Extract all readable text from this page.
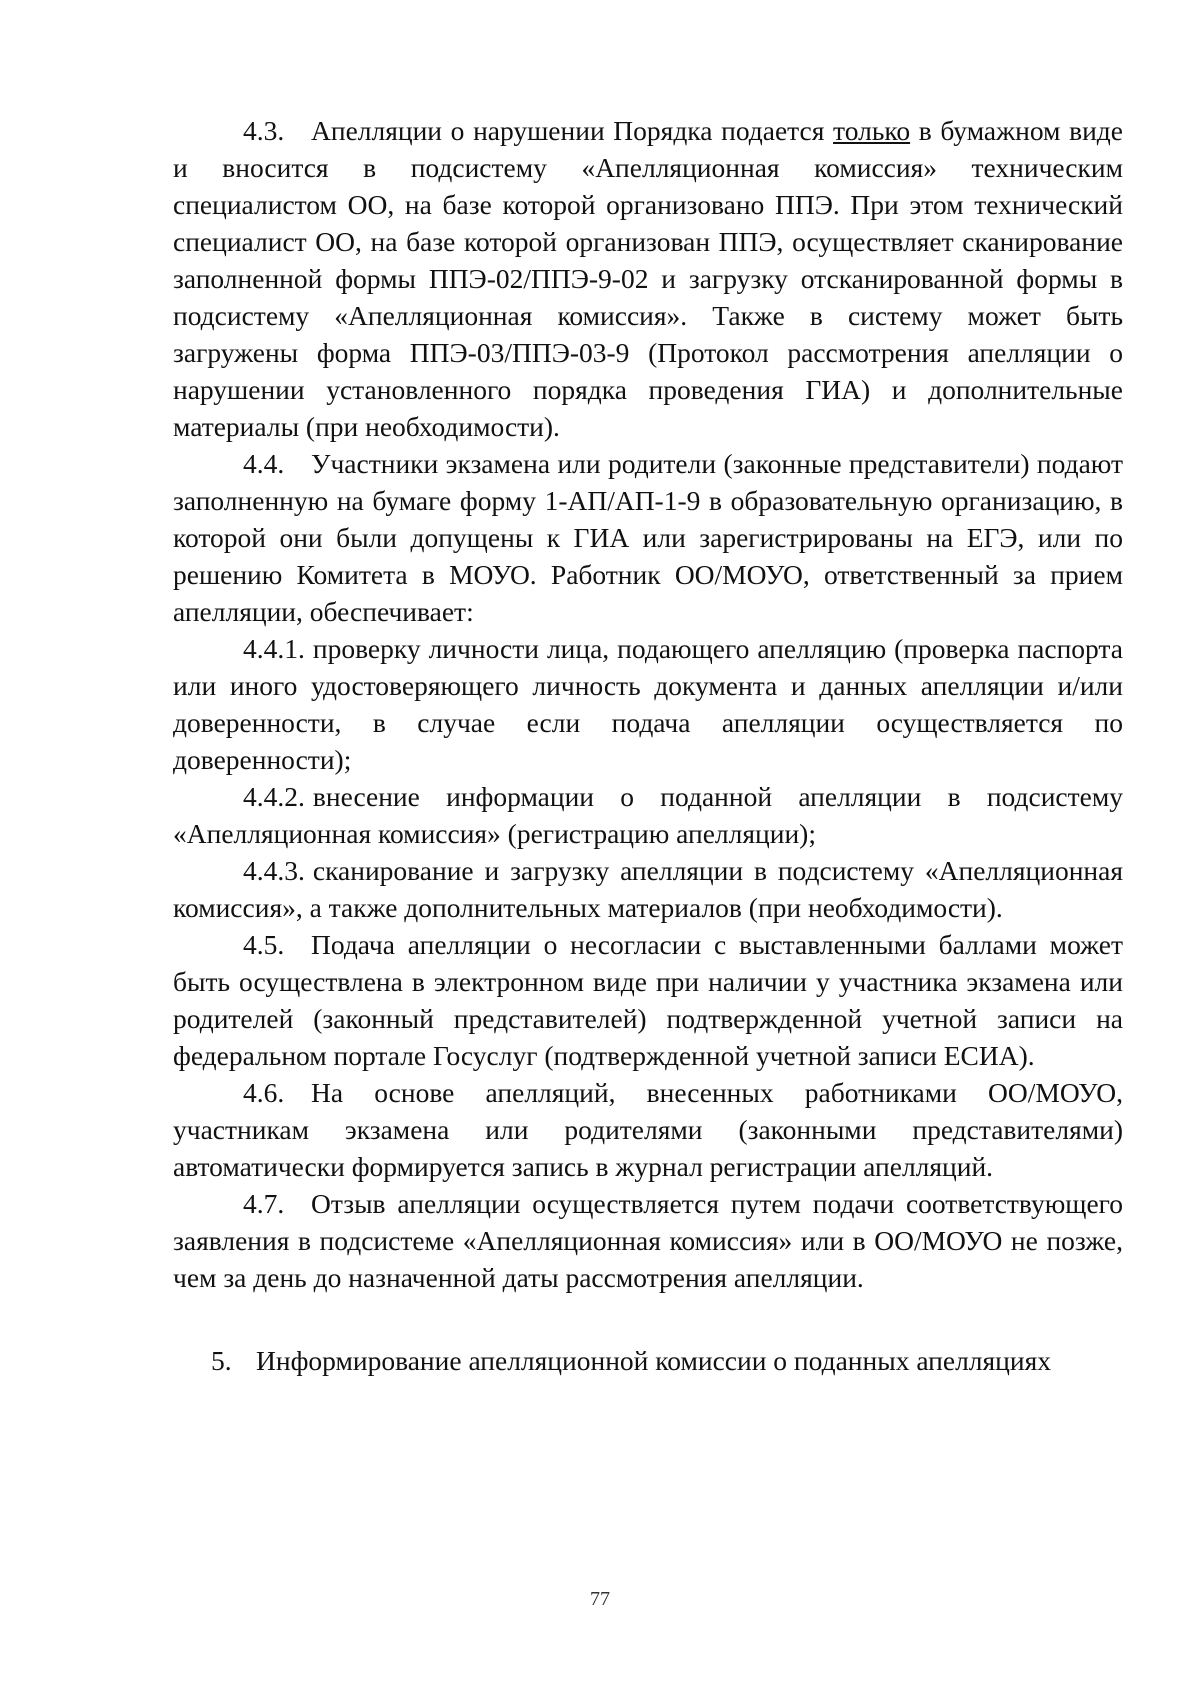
4.3. Апелляции о нарушении Порядка подается только в бумажном виде и вносится в подсистему «Апелляционная комиссия» техническим специалистом ОО, на базе которой организовано ППЭ. При этом технический специалист ОО, на базе которой организован ППЭ, осуществляет сканирование заполненной формы ППЭ-02/ППЭ-9-02 и загрузку отсканированной формы в подсистему «Апелляционная комиссия». Также в систему может быть загружены форма ППЭ-03/ППЭ-03-9 (Протокол рассмотрения апелляции о нарушении установленного порядка проведения ГИА) и дополнительные материалы (при необходимости).

4.4. Участники экзамена или родители (законные представители) подают заполненную на бумаге форму 1-АП/АП-1-9 в образовательную организацию, в которой они были допущены к ГИА или зарегистрированы на ЕГЭ, или по решению Комитета в МОУО. Работник ОО/МОУО, ответственный за прием апелляции, обеспечивает:

4.4.1. проверку личности лица, подающего апелляцию (проверка паспорта или иного удостоверяющего личность документа и данных апелляции и/или доверенности, в случае если подача апелляции осуществляется по доверенности);

4.4.2. внесение информации о поданной апелляции в подсистему «Апелляционная комиссия» (регистрацию апелляции);

4.4.3. сканирование и загрузку апелляции в подсистему «Апелляционная комиссия», а также дополнительных материалов (при необходимости).

4.5. Подача апелляции о несогласии с выставленными баллами может быть осуществлена в электронном виде при наличии у участника экзамена или родителей (законный представителей) подтвержденной учетной записи на федеральном портале Госуслуг (подтвержденной учетной записи ЕСИА).

4.6. На основе апелляций, внесенных работниками ОО/МОУО, участникам экзамена или родителями (законными представителями) автоматически формируется запись в журнал регистрации апелляций.

4.7. Отзыв апелляции осуществляется путем подачи соответствующего заявления в подсистеме «Апелляционная комиссия» или в ОО/МОУО не позже, чем за день до назначенной даты рассмотрения апелляции.

5. Информирование апелляционной комиссии о поданных апелляциях

77
